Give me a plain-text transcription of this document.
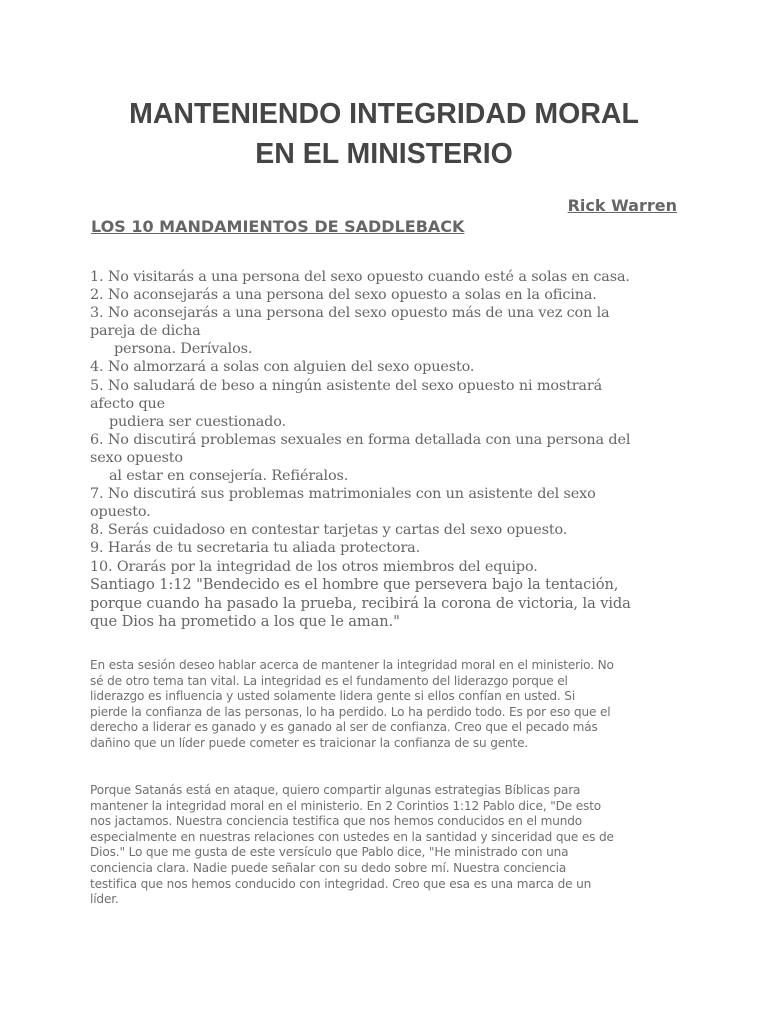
MANTENIENDO INTEGRIDAD MORAL
EN EL MINISTERIO
Rick Warren
LOS 10 MANDAMIENTOS DE SADDLEBACK
1. No visitarás a una persona del sexo opuesto cuando esté a solas en casa.
2. No aconsejarás a una persona del sexo opuesto a solas en la oficina.
3. No aconsejarás a una persona del sexo opuesto más de una vez con la
pareja de dicha
persona. Derívalos.
4. No almorzará a solas con alguien del sexo opuesto.
5. No saludará de beso a ningún asistente del sexo opuesto ni mostrará
afecto que
pudiera ser cuestionado.
6. No discutirá problemas sexuales en forma detallada con una persona del
sexo opuesto
al estar en consejería. Refiéralos.
7. No discutirá sus problemas matrimoniales con un asistente del sexo
opuesto.
8. Serás cuidadoso en contestar tarjetas y cartas del sexo opuesto.
9. Harás de tu secretaria tu aliada protectora.
10. Orarás por la integridad de los otros miembros del equipo.
Santiago 1:12 "Bendecido es el hombre que persevera bajo la tentación,
porque cuando ha pasado la prueba, recibirá la corona de victoria, la vida
que Dios ha prometido a los que le aman."
En esta sesión deseo hablar acerca de mantener la integridad moral en el ministerio. No
sé de otro tema tan vital. La integridad es el fundamento del liderazgo porque el
liderazgo es influencia y usted solamente lidera gente si ellos confían en usted. Si
pierde la confianza de las personas, lo ha perdido. Lo ha perdido todo. Es por eso que el
derecho a liderar es ganado y es ganado al ser de confianza. Creo que el pecado más
dañino que un líder puede cometer es traicionar la confianza de su gente.
Porque Satanás está en ataque, quiero compartir algunas estrategias Bíblicas para
mantener la integridad moral en el ministerio. En 2 Corintios 1:12 Pablo dice, "De esto
nos jactamos. Nuestra conciencia testifica que nos hemos conducidos en el mundo
especialmente en nuestras relaciones con ustedes en la santidad y sinceridad que es de
Dios." Lo que me gusta de este versículo que Pablo dice, "He ministrado con una
conciencia clara. Nadie puede señalar con su dedo sobre mí. Nuestra conciencia
testifica que nos hemos conducido con integridad. Creo que esa es una marca de un
líder.
